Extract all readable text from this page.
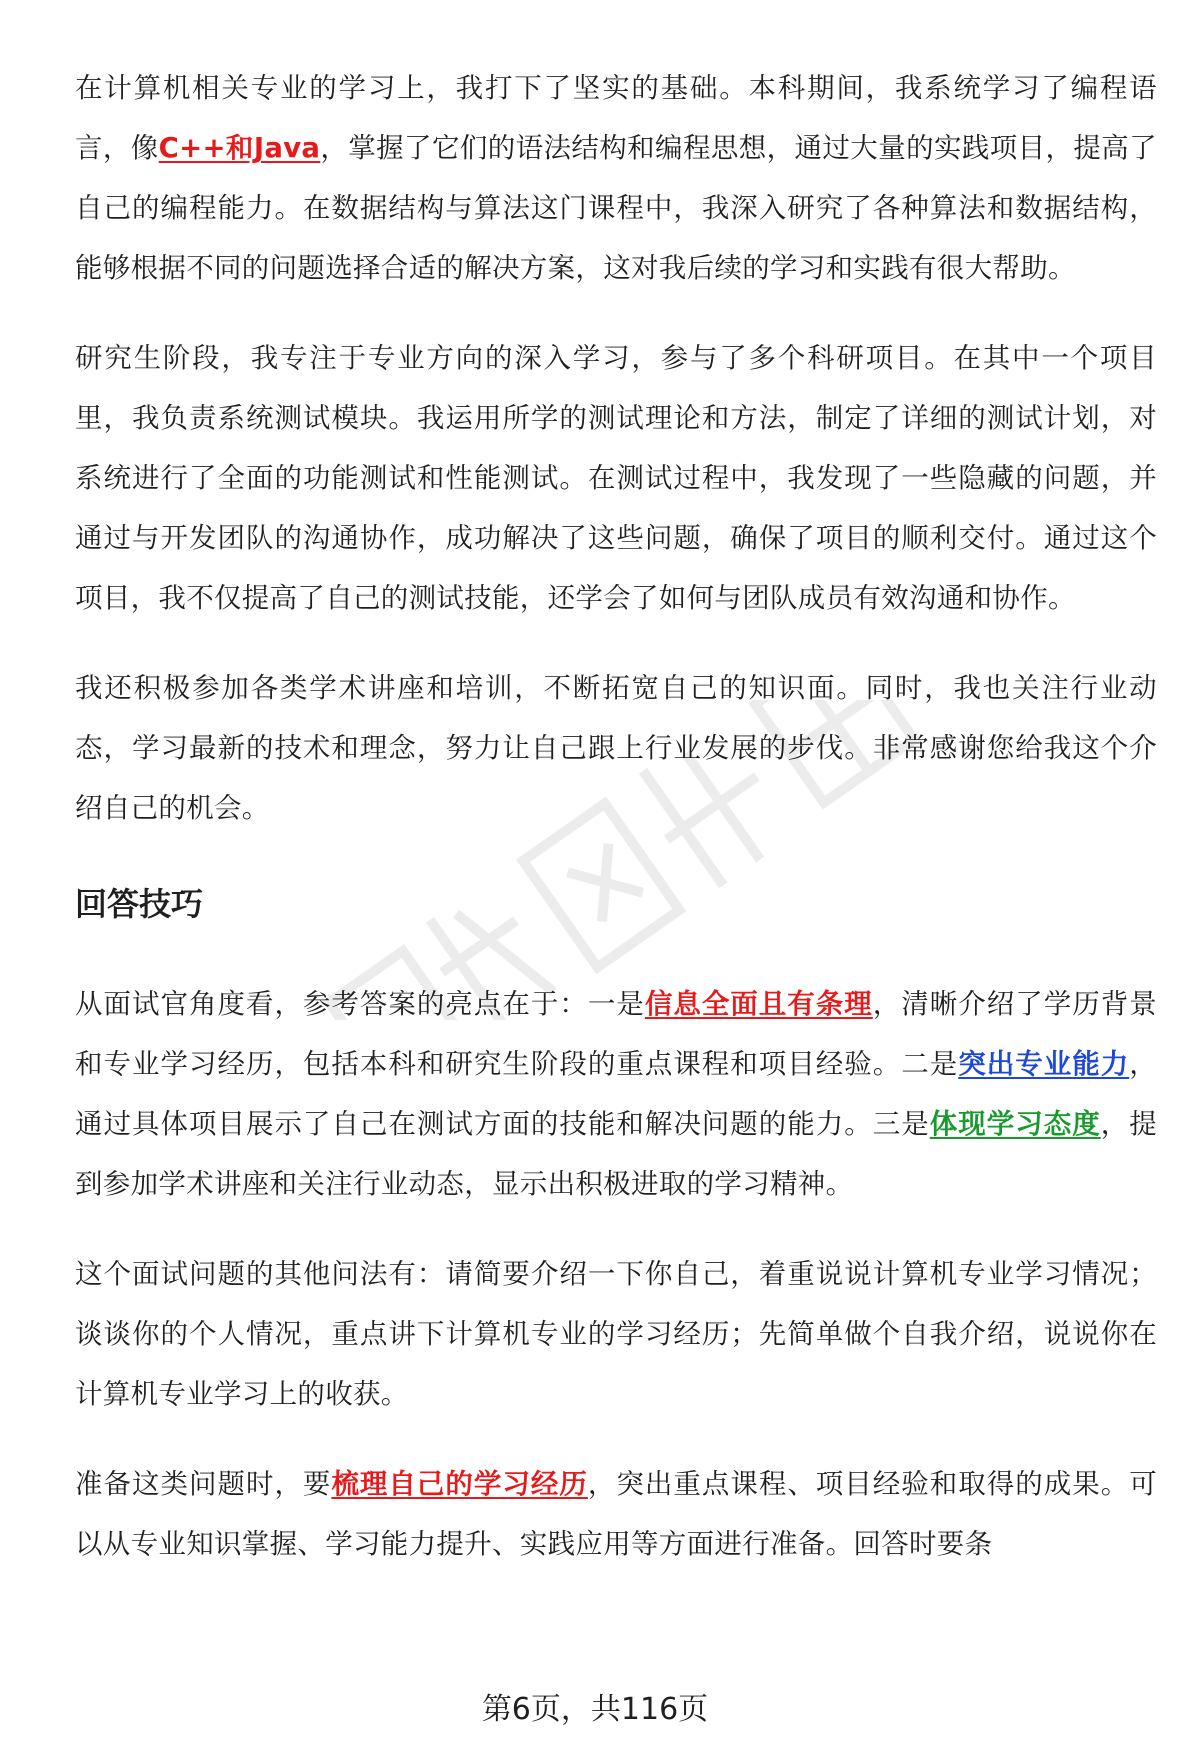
在计算机相关专业的学习上，我打下了坚实的基础。本科期间，我系统学习了编程语言，像C++和Java，掌握了它们的语法结构和编程思想，通过大量的实践项目，提高了自己的编程能力。在数据结构与算法这门课程中，我深入研究了各种算法和数据结构，能够根据不同的问题选择合适的解决方案，这对我后续的学习和实践有很大帮助。

研究生阶段，我专注于专业方向的深入学习，参与了多个科研项目。在其中一个项目里，我负责系统测试模块。我运用所学的测试理论和方法，制定了详细的测试计划，对系统进行了全面的功能测试和性能测试。在测试过程中，我发现了一些隐藏的问题，并通过与开发团队的沟通协作，成功解决了这些问题，确保了项目的顺利交付。通过这个项目，我不仅提高了自己的测试技能，还学会了如何与团队成员有效沟通和协作。

我还积极参加各类学术讲座和培训，不断拓宽自己的知识面。同时，我也关注行业动态，学习最新的技术和理念，努力让自己跟上行业发展的步伐。非常感谢您给我这个介绍自己的机会。

回答技巧

从面试官角度看，参考答案的亮点在于：一是信息全面且有条理，清晰介绍了学历背景和专业学习经历，包括本科和研究生阶段的重点课程和项目经验。二是突出专业能力，通过具体项目展示了自己在测试方面的技能和解决问题的能力。三是体现学习态度，提到参加学术讲座和关注行业动态，显示出积极进取的学习精神。

这个面试问题的其他问法有：请简要介绍一下你自己，着重说说计算机专业学习情况；谈谈你的个人情况，重点讲下计算机专业的学习经历；先简单做个自我介绍，说说你在计算机专业学习上的收获。

准备这类问题时，要梳理自己的学习经历，突出重点课程、项目经验和取得的成果。可以从专业知识掌握、学习能力提升、实践应用等方面进行准备。回答时要条

第6页，共116页
